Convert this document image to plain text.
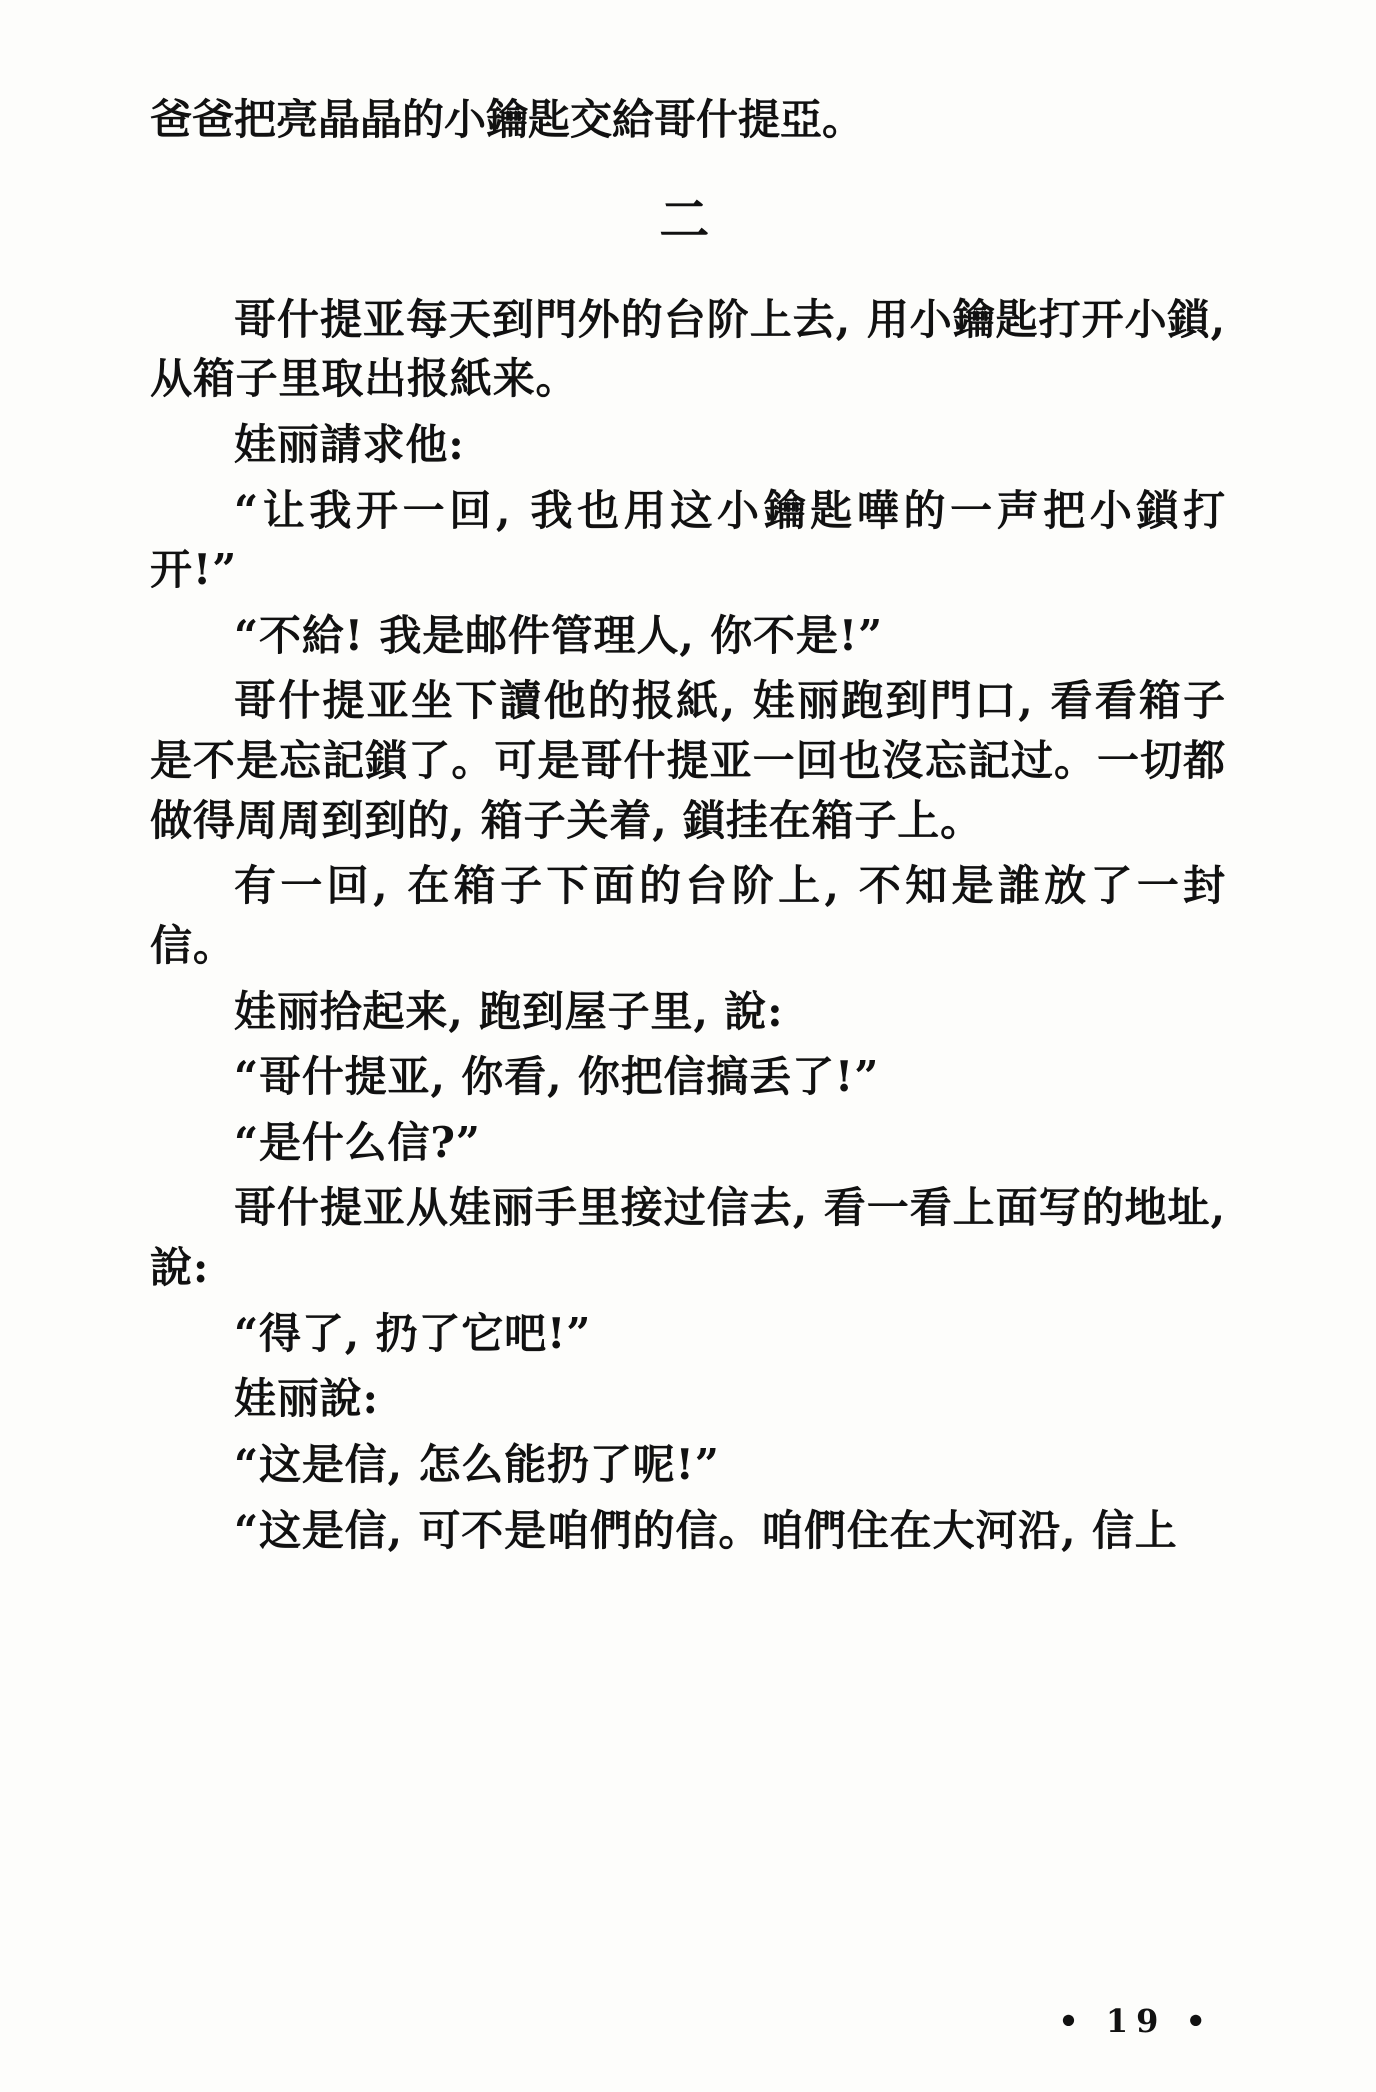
爸爸把亮晶晶的小鑰匙交給哥什提亞。

二

哥什提亚每天到門外的台阶上去, 用小鑰匙打开小鎖, 从箱子里取出报紙来。

娃丽請求他:

“让我开一回, 我也用这小鑰匙嘩的一声把小鎖打开!”

“不給! 我是邮件管理人, 你不是!”

哥什提亚坐下讀他的报紙, 娃丽跑到門口, 看看箱子是不是忘記鎖了。可是哥什提亚一回也沒忘記过。一切都做得周周到到的, 箱子关着, 鎖挂在箱子上。

有一回, 在箱子下面的台阶上, 不知是誰放了一封信。

娃丽拾起来, 跑到屋子里, 說:

“哥什提亚, 你看, 你把信搞丢了!”

“是什么信?”

哥什提亚从娃丽手里接过信去, 看一看上面写的地址, 說:

“得了, 扔了它吧!”

娃丽說:

“这是信, 怎么能扔了呢!”

“这是信, 可不是咱們的信。咱們住在大河沿, 信上

• 19 •
